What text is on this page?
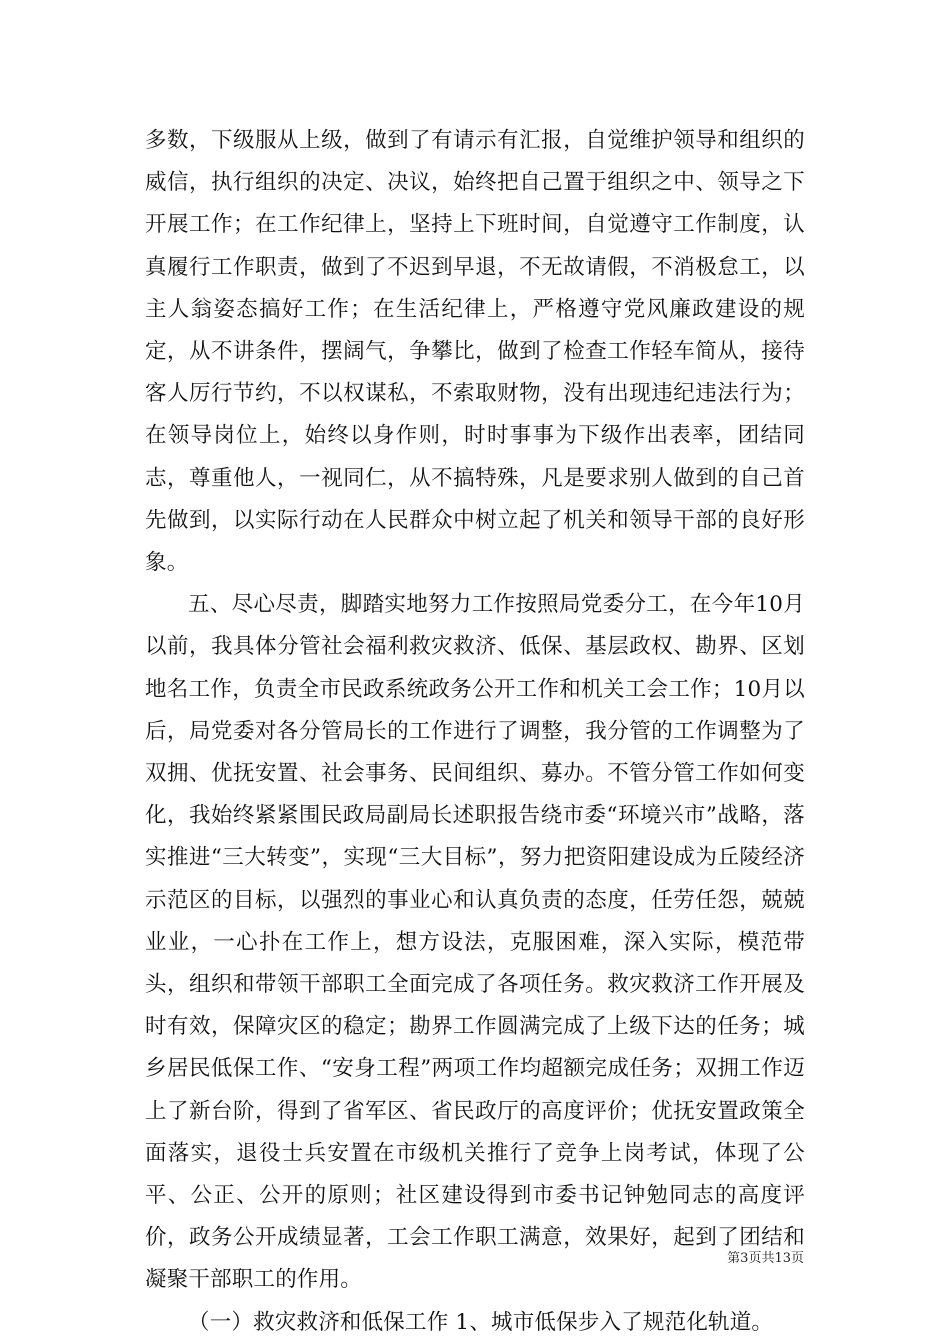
多数，下级服从上级，做到了有请示有汇报，自觉维护领导和组织的威信，执行组织的决定、决议，始终把自己置于组织之中、领导之下开展工作；在工作纪律上，坚持上下班时间，自觉遵守工作制度，认真履行工作职责，做到了不迟到早退，不无故请假，不消极怠工，以主人翁姿态搞好工作；在生活纪律上，严格遵守党风廉政建设的规定，从不讲条件，摆阔气，争攀比，做到了检查工作轻车简从，接待客人厉行节约，不以权谋私，不索取财物，没有出现违纪违法行为；在领导岗位上，始终以身作则，时时事事为下级作出表率，团结同志，尊重他人，一视同仁，从不搞特殊，凡是要求别人做到的自己首先做到，以实际行动在人民群众中树立起了机关和领导干部的良好形象。

五、尽心尽责，脚踏实地努力工作按照局党委分工，在今年10月以前，我具体分管社会福利救灾救济、低保、基层政权、勘界、区划地名工作，负责全市民政系统政务公开工作和机关工会工作；10月以后，局党委对各分管局长的工作进行了调整，我分管的工作调整为了双拥、优抚安置、社会事务、民间组织、募办。不管分管工作如何变化，我始终紧紧围民政局副局长述职报告绕市委“环境兴市”战略，落实推进“三大转变”，实现“三大目标”，努力把资阳建设成为丘陵经济示范区的目标，以强烈的事业心和认真负责的态度，任劳任怨，兢兢业业，一心扑在工作上，想方设法，克服困难，深入实际，模范带头，组织和带领干部职工全面完成了各项任务。救灾救济工作开展及时有效，保障灾区的稳定；勘界工作圆满完成了上级下达的任务；城乡居民低保工作、“安身工程”两项工作均超额完成任务；双拥工作迈上了新台阶，得到了省军区、省民政厅的高度评价；优抚安置政策全面落实，退役士兵安置在市级机关推行了竞争上岗考试，体现了公平、公正、公开的原则；社区建设得到市委书记钟勉同志的高度评价，政务公开成绩显著，工会工作职工满意，效果好，起到了团结和凝聚干部职工的作用。

（一）救灾救济和低保工作 1、城市低保步入了规范化轨道。

第3页共13页
